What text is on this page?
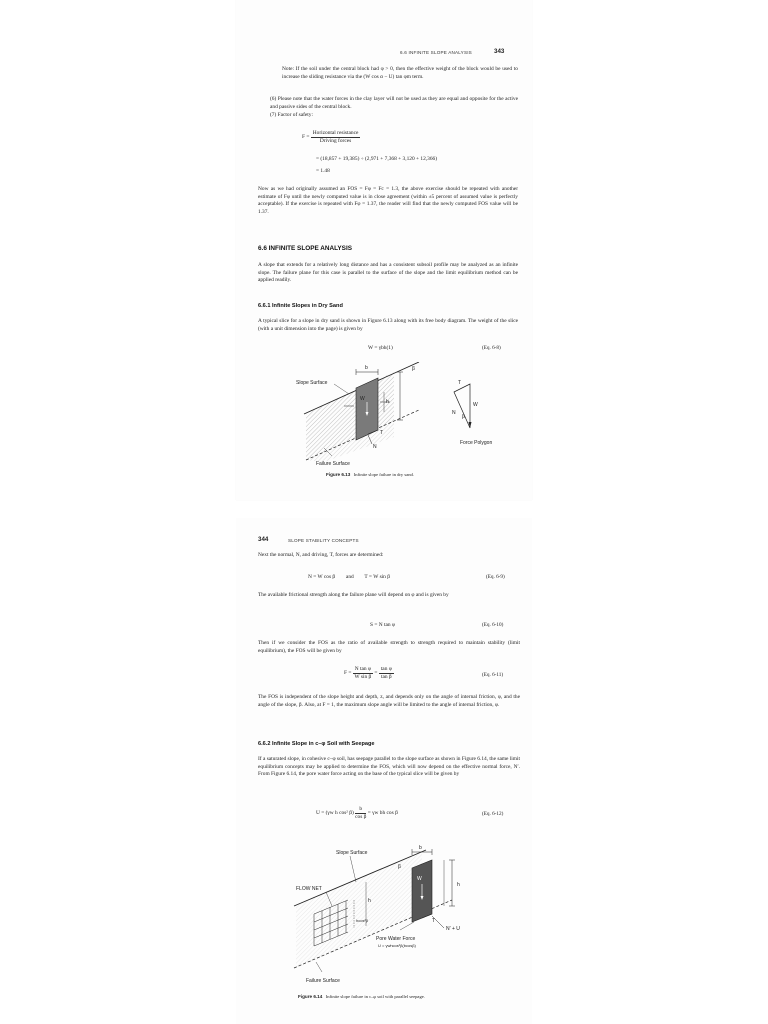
6.6 INFINITE SLOPE ANALYSIS	343
Note: If the soil under the central block had φ > 0, then the effective weight of the block would be used to increase the sliding resistance via the (W cos α − U) tan φm term.
(6) Please note that the water forces in the clay layer will not be used as they are equal and opposite for the active and passive sides of the central block.
(7) Factor of safety:
$F = \frac{\text{Horizontal resistance}}{\text{Driving forces}}$
= (18,857 + 19,385) ÷ (2,971 + 7,368 + 3,120 + 12,366)
= 1.48
Now as we had originally assumed an FOS = Fφ = Fc = 1.3, the above exercise should be repeated with another estimate of Fφ until the newly computed value is in close agreement (within ±5 percent of assumed value is perfectly acceptable). If the exercise is repeated with Fφ = 1.37, the reader will find that the newly computed FOS value will be 1.37.
6.6 INFINITE SLOPE ANALYSIS
A slope that extends for a relatively long distance and has a consistent subsoil profile may be analyzed as an infinite slope. The failure plane for this case is parallel to the surface of the slope and the limit equilibrium method can be applied readily.
6.6.1 Infinite Slopes in Dry Sand
A typical slice for a slope in dry sand is shown in Figure 6.13 along with its free body diagram. The weight of the slice (with a unit dimension into the page) is given by
W = γbh(1)	(Eq. 6-8)
Slope Surface
b	β
W	h
T
N
Failure Surface
T
W
N
β
Force Polygon
Figure 6.13 Infinite slope failure in dry sand.
344	SLOPE STABILITY CONCEPTS
Next the normal, N, and driving, T, forces are determined:
N = W cos β        and        T = W sin β	(Eq. 6-9)
The available frictional strength along the failure plane will depend on φ and is given by
S = N tan φ	(Eq. 6-10)
Then if we consider the FOS as the ratio of available strength to strength required to maintain stability (limit equilibrium), the FOS will be given by
$F = \frac{\text{N tan φ}}{\text{W sin β}} = \frac{\text{tan φ}}{\text{tan β}}$	(Eq. 6-11)
The FOS is independent of the slope height and depth, z, and depends only on the angle of internal friction, φ, and the angle of the slope, β. Also, at F = 1, the maximum slope angle will be limited to the angle of internal friction, φ.
6.6.2 Infinite Slope in c–φ Soil with Seepage
If a saturated slope, in cohesive c–φ soil, has seepage parallel to the slope surface as shown in Figure 6.14, the same limit equilibrium concepts may be applied to determine the FOS, which will now depend on the effective normal force, N′. From Figure 6.14, the pore water force acting on the base of the typical slice will be given by
U = (γw h cos² $\beta) \frac{b}{\text{cos β}} = \gamma w$ bh cos β	(Eq. 6-12)
Slope Surface
FLOW NET
b
β
h
h
W
hcos²β	T
N′ + U
Pore Water Force
U = γwhcos²β(bcosβ)
Failure Surface
Figure 6.14 Infinite slope failure in c–φ soil with parallel seepage.
